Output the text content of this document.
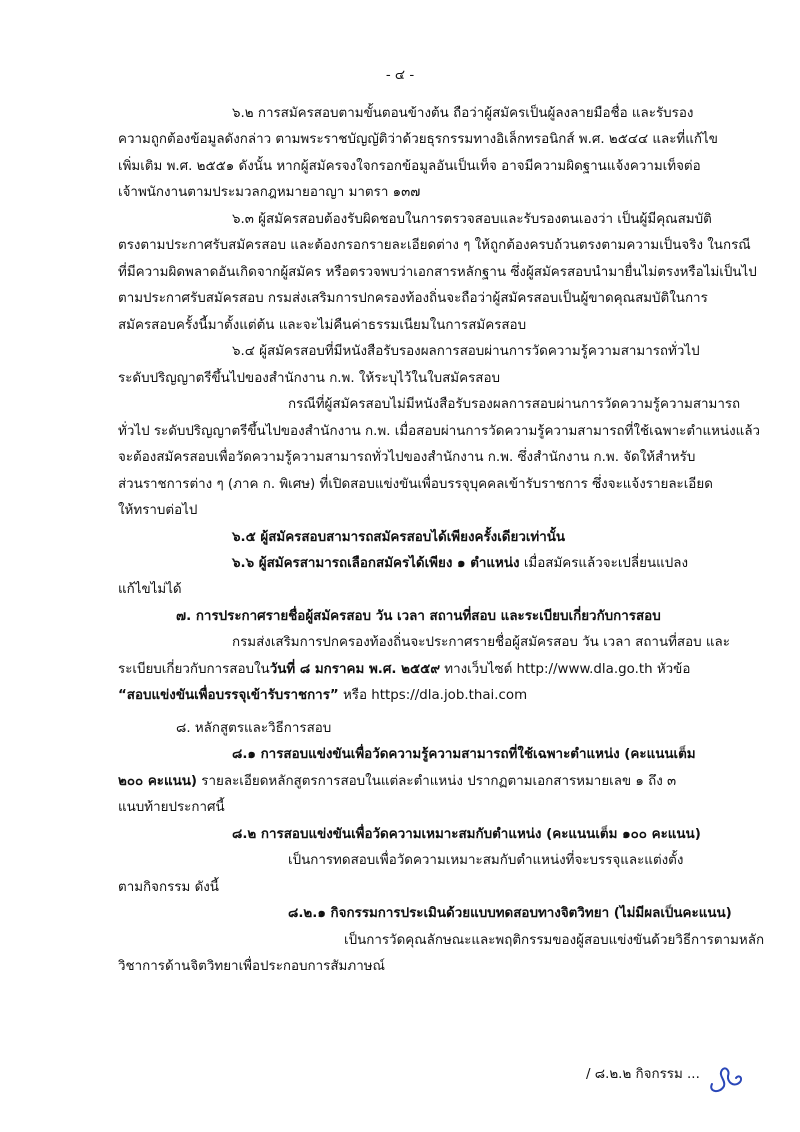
- ๔ -
๖.๒ การสมัครสอบตามขั้นตอนข้างต้น ถือว่าผู้สมัครเป็นผู้ลงลายมือชื่อ และรับรอง
ความถูกต้องข้อมูลดังกล่าว ตามพระราชบัญญัติว่าด้วยธุรกรรมทางอิเล็กทรอนิกส์ พ.ศ. ๒๕๔๔ และที่แก้ไข
เพิ่มเติม พ.ศ. ๒๕๕๑ ดังนั้น หากผู้สมัครจงใจกรอกข้อมูลอันเป็นเท็จ อาจมีความผิดฐานแจ้งความเท็จต่อ
เจ้าพนักงานตามประมวลกฎหมายอาญา มาตรา ๑๓๗
๖.๓ ผู้สมัครสอบต้องรับผิดชอบในการตรวจสอบและรับรองตนเองว่า เป็นผู้มีคุณสมบัติ
ตรงตามประกาศรับสมัครสอบ และต้องกรอกรายละเอียดต่าง ๆ ให้ถูกต้องครบถ้วนตรงตามความเป็นจริง ในกรณี
ที่มีความผิดพลาดอันเกิดจากผู้สมัคร หรือตรวจพบว่าเอกสารหลักฐาน ซึ่งผู้สมัครสอบนำมายื่นไม่ตรงหรือไม่เป็นไป
ตามประกาศรับสมัครสอบ กรมส่งเสริมการปกครองท้องถิ่นจะถือว่าผู้สมัครสอบเป็นผู้ขาดคุณสมบัติในการ
สมัครสอบครั้งนี้มาตั้งแต่ต้น และจะไม่คืนค่าธรรมเนียมในการสมัครสอบ
๖.๔ ผู้สมัครสอบที่มีหนังสือรับรองผลการสอบผ่านการวัดความรู้ความสามารถทั่วไป
ระดับปริญญาตรีขึ้นไปของสำนักงาน ก.พ. ให้ระบุไว้ในใบสมัครสอบ
กรณีที่ผู้สมัครสอบไม่มีหนังสือรับรองผลการสอบผ่านการวัดความรู้ความสามารถ
ทั่วไป ระดับปริญญาตรีขึ้นไปของสำนักงาน ก.พ. เมื่อสอบผ่านการวัดความรู้ความสามารถที่ใช้เฉพาะตำแหน่งแล้ว
จะต้องสมัครสอบเพื่อวัดความรู้ความสามารถทั่วไปของสำนักงาน ก.พ. ซึ่งสำนักงาน ก.พ. จัดให้สำหรับ
ส่วนราชการต่าง ๆ (ภาค ก. พิเศษ) ที่เปิดสอบแข่งขันเพื่อบรรจุบุคคลเข้ารับราชการ ซึ่งจะแจ้งรายละเอียด
ให้ทราบต่อไป
๖.๕ ผู้สมัครสอบสามารถสมัครสอบได้เพียงครั้งเดียวเท่านั้น
๖.๖ ผู้สมัครสามารถเลือกสมัครได้เพียง ๑ ตำแหน่ง เมื่อสมัครแล้วจะเปลี่ยนแปลง
แก้ไขไม่ได้
๗. การประกาศรายชื่อผู้สมัครสอบ วัน เวลา สถานที่สอบ และระเบียบเกี่ยวกับการสอบ
กรมส่งเสริมการปกครองท้องถิ่นจะประกาศรายชื่อผู้สมัครสอบ วัน เวลา สถานที่สอบ และ
ระเบียบเกี่ยวกับการสอบในวันที่ ๘ มกราคม พ.ศ. ๒๕๕๙ ทางเว็บไซต์ http://www.dla.go.th หัวข้อ
“สอบแข่งขันเพื่อบรรจุเข้ารับราชการ” หรือ https://dla.job.thai.com
๘. หลักสูตรและวิธีการสอบ
๘.๑ การสอบแข่งขันเพื่อวัดความรู้ความสามารถที่ใช้เฉพาะตำแหน่ง (คะแนนเต็ม
๒๐๐ คะแนน) รายละเอียดหลักสูตรการสอบในแต่ละตำแหน่ง ปรากฏตามเอกสารหมายเลข ๑ ถึง ๓
แนบท้ายประกาศนี้
๘.๒ การสอบแข่งขันเพื่อวัดความเหมาะสมกับตำแหน่ง (คะแนนเต็ม ๑๐๐ คะแนน)
เป็นการทดสอบเพื่อวัดความเหมาะสมกับตำแหน่งที่จะบรรจุและแต่งตั้ง
ตามกิจกรรม ดังนี้
๘.๒.๑ กิจกรรมการประเมินด้วยแบบทดสอบทางจิตวิทยา (ไม่มีผลเป็นคะแนน)
เป็นการวัดคุณลักษณะและพฤติกรรมของผู้สอบแข่งขันด้วยวิธีการตามหลัก
วิชาการด้านจิตวิทยาเพื่อประกอบการสัมภาษณ์
/ ๘.๒.๒ กิจกรรม ...
